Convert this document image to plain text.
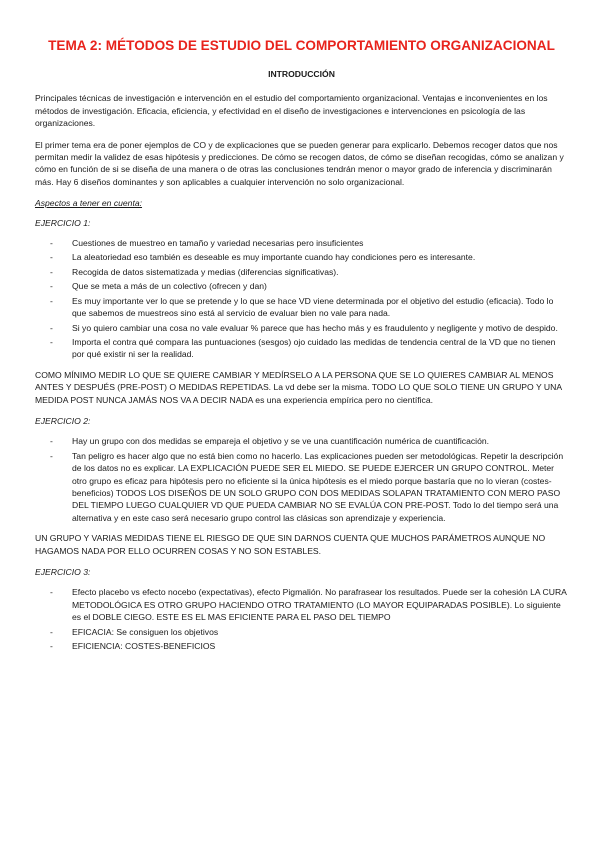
TEMA 2: MÉTODOS DE ESTUDIO DEL COMPORTAMIENTO ORGANIZACIONAL
INTRODUCCIÓN

Principales técnicas de investigación e intervención en el estudio del comportamiento organizacional. Ventajas e inconvenientes en los métodos de investigación. Eficacia, eficiencia, y efectividad en el diseño de investigaciones e intervenciones en psicología de las organizaciones.

El primer tema era de poner ejemplos de CO y de explicaciones que se pueden generar para explicarlo. Debemos recoger datos que nos permitan medir la validez de esas hipótesis y predicciones. De cómo se recogen datos, de cómo se diseñan recogidas, cómo se analizan y cómo en función de si se diseña de una manera o de otras las conclusiones tendrán menor o mayor grado de inferencia y discriminarán más. Hay 6 diseños dominantes y son aplicables a cualquier intervención no solo organizacional.

Aspectos a tener en cuenta:

EJERCICIO 1:

- Cuestiones de muestreo en tamaño y variedad necesarias pero insuficientes
- La aleatoriedad eso también es deseable es muy importante cuando hay condiciones pero es interesante.
- Recogida de datos sistematizada y medias (diferencias significativas).
- Que se meta a más de un colectivo (ofrecen y dan)
- Es muy importante ver lo que se pretende y lo que se hace VD viene determinada por el objetivo del estudio (eficacia). Todo lo que sabemos de muestreos sino está al servicio de evaluar bien no vale para nada.
- Si yo quiero cambiar una cosa no vale evaluar % parece que has hecho más y es fraudulento y negligente y motivo de despido.
- Importa el contra qué compara las puntuaciones (sesgos) ojo cuidado las medidas de tendencia central de la VD que no tienen por qué existir ni ser la realidad.

COMO MÍNIMO MEDIR LO QUE SE QUIERE CAMBIAR Y MEDÍRSELO A LA PERSONA QUE SE LO QUIERES CAMBIAR AL MENOS ANTES Y DESPUÉS (PRE-POST) O MEDIDAS REPETIDAS. La vd debe ser la misma. TODO LO QUE SOLO TIENE UN GRUPO Y UNA MEDIDA POST NUNCA JAMÁS NOS VA A DECIR NADA es una experiencia empírica pero no científica.

EJERCICIO 2:

- Hay un grupo con dos medidas se empareja el objetivo y se ve una cuantificación numérica de cuantificación.
- Tan peligro es hacer algo que no está bien como no hacerlo. Las explicaciones pueden ser metodológicas. Repetir la descripción de los datos no es explicar. LA EXPLICACIÓN PUEDE SER EL MIEDO. SE PUEDE EJERCER UN GRUPO CONTROL. Meter otro grupo es eficaz para hipótesis pero no eficiente si la única hipótesis es el miedo porque bastaría que no lo vieran (costes-beneficios) TODOS LOS DISEÑOS DE UN SOLO GRUPO CON DOS MEDIDAS SOLAPAN TRATAMIENTO CON MERO PASO DEL TIEMPO LUEGO CUALQUIER VD QUE PUEDA CAMBIAR NO SE EVALÚA CON PRE-POST. Todo lo del tiempo será una alternativa y en este caso será necesario grupo control las clásicas son aprendizaje y experiencia.

UN GRUPO Y VARIAS MEDIDAS TIENE EL RIESGO DE QUE SIN DARNOS CUENTA QUE MUCHOS PARÁMETROS AUNQUE NO HAGAMOS NADA POR ELLO OCURREN COSAS Y NO SON ESTABLES.

EJERCICIO 3:

- Efecto placebo vs efecto nocebo (expectativas), efecto Pigmalión. No parafrasear los resultados. Puede ser la cohesión LA CURA METODOLÓGICA ES OTRO GRUPO HACIENDO OTRO TRATAMIENTO (LO MAYOR EQUIPARADAS POSIBLE). Lo siguiente es el DOBLE CIEGO. ESTE ES EL MAS EFICIENTE PARA EL PASO DEL TIEMPO
- EFICACIA: Se consiguen los objetivos
- EFICIENCIA: COSTES-BENEFICIOS
